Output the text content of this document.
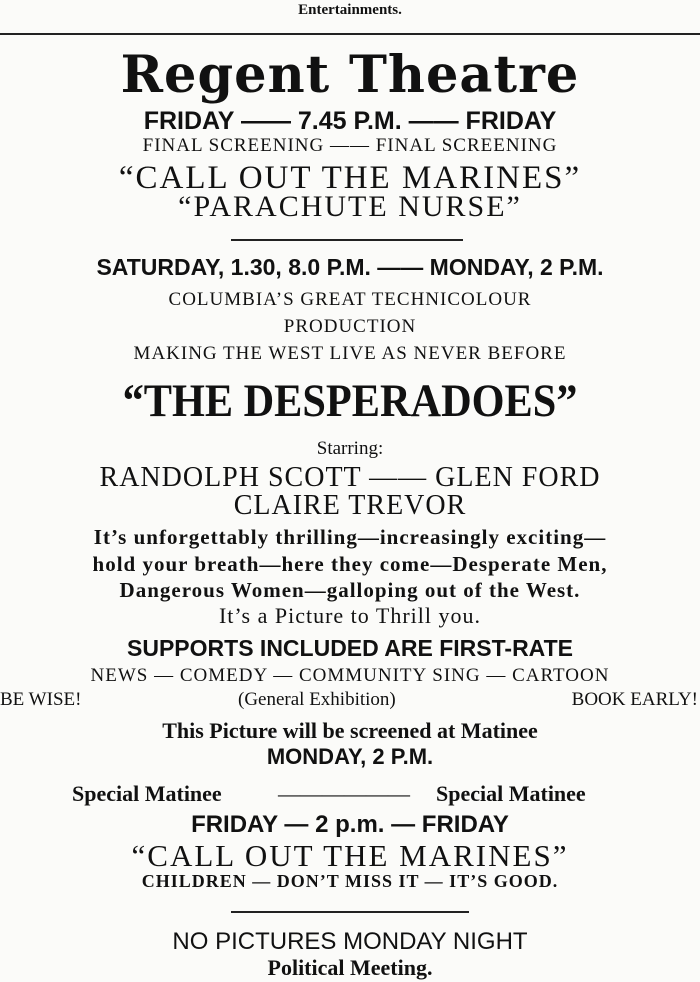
Entertainments.
Regent Theatre
FRIDAY —— 7.45 P.M. —— FRIDAY
FINAL SCREENING —— FINAL SCREENING
“CALL OUT THE MARINES”
“PARACHUTE NURSE”
SATURDAY, 1.30, 8.0 P.M. —— MONDAY, 2 P.M.
COLUMBIA’S GREAT TECHNICOLOUR
PRODUCTION
MAKING THE WEST LIVE AS NEVER BEFORE
“THE DESPERADOES”
Starring:
RANDOLPH SCOTT —— GLEN FORD
CLAIRE TREVOR
It’s unforgettably thrilling—increasingly exciting—
hold your breath—here they come—Desperate Men,
Dangerous Women—galloping out of the West.
It’s a Picture to Thrill you.
SUPPORTS INCLUDED ARE FIRST-RATE
NEWS — COMEDY — COMMUNITY SING — CARTOON
BE WISE!	(General Exhibition)	BOOK EARLY!
This Picture will be screened at Matinee
MONDAY, 2 P.M.
Special Matinee	—————— Special Matinee
FRIDAY — 2 p.m. — FRIDAY
“CALL OUT THE MARINES”
CHILDREN — DON’T MISS IT — IT’S GOOD.
NO PICTURES MONDAY NIGHT
Political Meeting.
